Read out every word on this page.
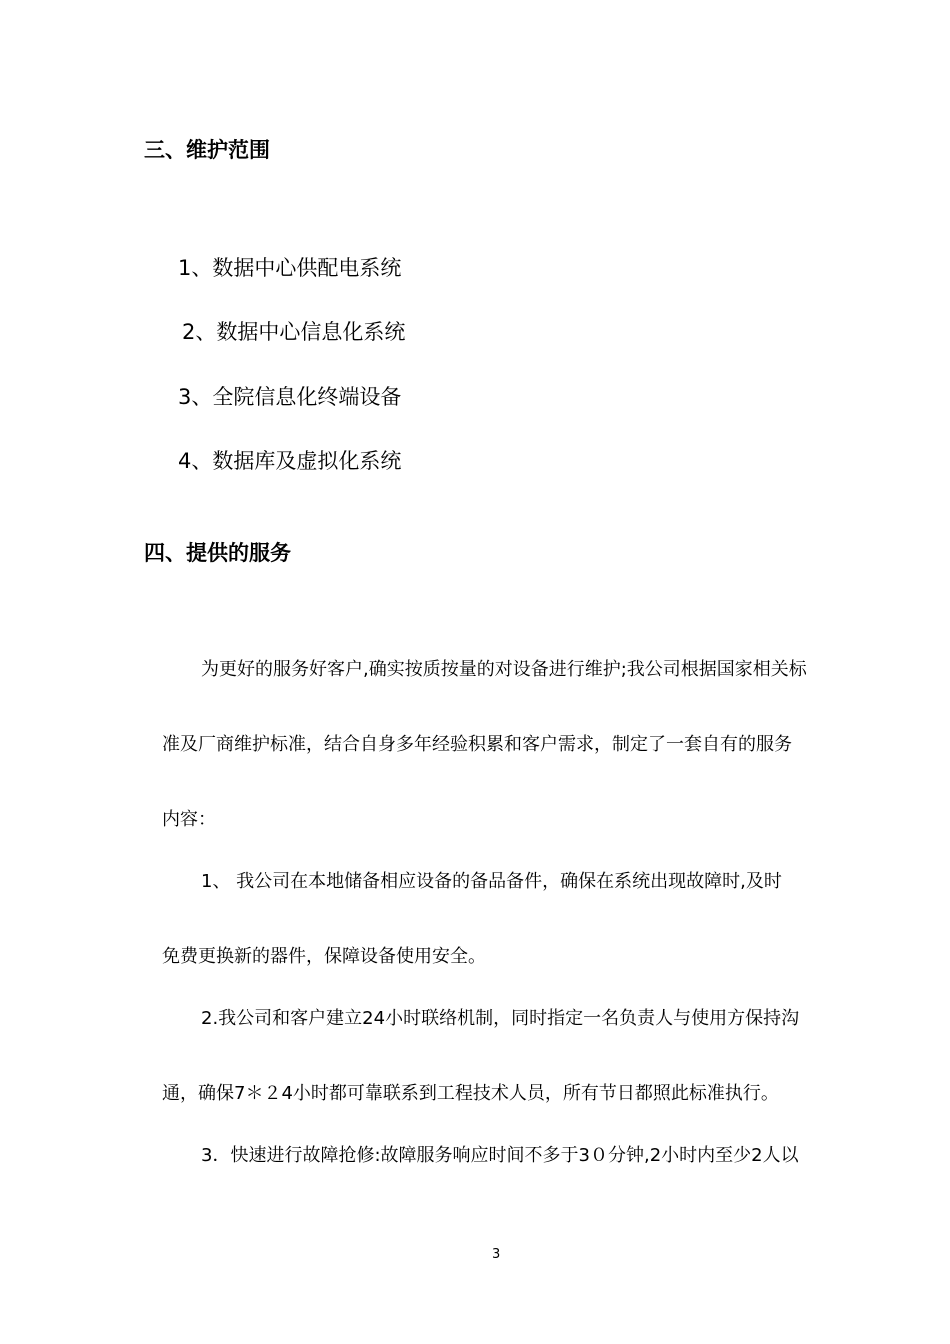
三、维护范围
1、数据中心供配电系统
2、数据中心信息化系统
3、全院信息化终端设备
4、数据库及虚拟化系统
四、提供的服务
为更好的服务好客户,确实按质按量的对设备进行维护;我公司根据国家相关标
准及厂商维护标准，结合自身多年经验积累和客户需求，制定了一套自有的服务
内容：
1、 我公司在本地储备相应设备的备品备件，确保在系统出现故障时,及时
免费更换新的器件，保障设备使用安全。
2.我公司和客户建立24小时联络机制，同时指定一名负责人与使用方保持沟
通，确保7＊２4小时都可靠联系到工程技术人员，所有节日都照此标准执行。
3．快速进行故障抢修:故障服务响应时间不多于3０分钟,2小时内至少2人以
3
